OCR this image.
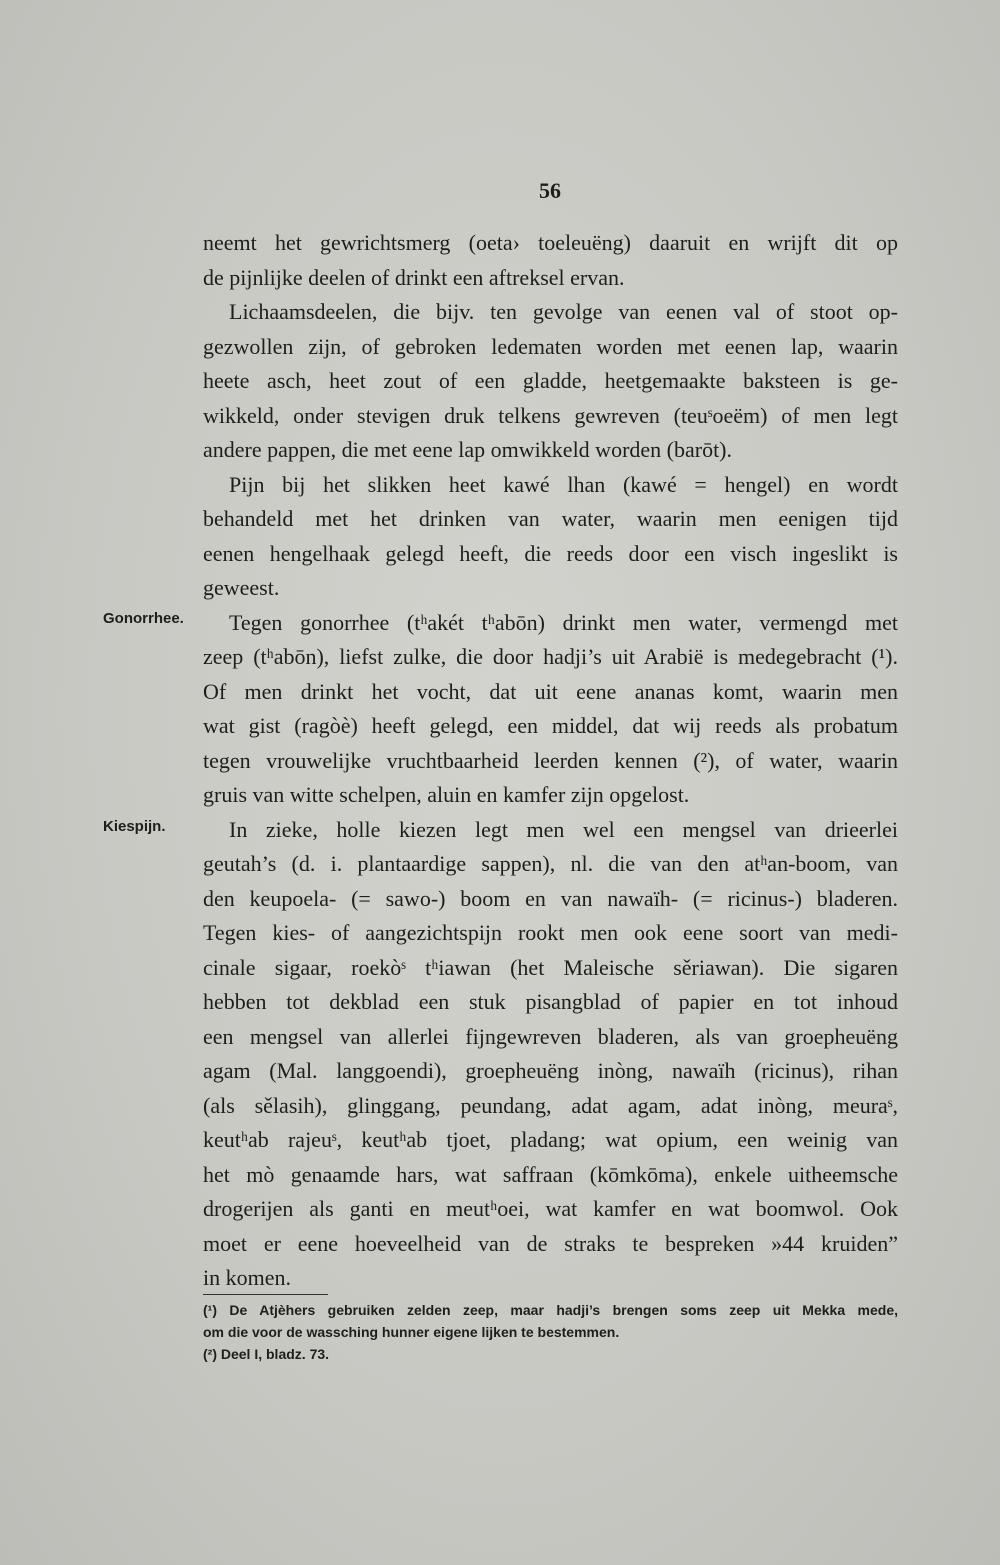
56
Gonorrhee.
Kiespijn.
neemt het gewrichtsmerg (oeta› toeleuëng) daaruit en wrijft dit op
de pijnlijke deelen of drinkt een aftreksel ervan.
Lichaamsdeelen, die bijv. ten gevolge van eenen val of stoot op-
gezwollen zijn, of gebroken ledematen worden met eenen lap, waarin
heete asch, heet zout of een gladde, heetgemaakte baksteen is ge-
wikkeld, onder stevigen druk telkens gewreven (teuˢoeëm) of men legt
andere pappen, die met eene lap omwikkeld worden (barōt).
Pijn bij het slikken heet kawé lhan (kawé = hengel) en wordt
behandeld met het drinken van water, waarin men eenigen tijd
eenen hengelhaak gelegd heeft, die reeds door een visch ingeslikt is
geweest.
Tegen gonorrhee (tʰakét tʰabōn) drinkt men water, vermengd met
zeep (tʰabōn), liefst zulke, die door hadji’s uit Arabië is medegebracht (¹).
Of men drinkt het vocht, dat uit eene ananas komt, waarin men
wat gist (ragòè) heeft gelegd, een middel, dat wij reeds als probatum
tegen vrouwelijke vruchtbaarheid leerden kennen (²), of water, waarin
gruis van witte schelpen, aluin en kamfer zijn opgelost.
In zieke, holle kiezen legt men wel een mengsel van drieerlei
geutah’s (d. i. plantaardige sappen), nl. die van den atʰan-boom, van
den keupoela- (= sawo-) boom en van nawaïh- (= ricinus-) bladeren.
Tegen kies- of aangezichtspijn rookt men ook eene soort van medi-
cinale sigaar, roekòˢ tʰiawan (het Maleische sěriawan). Die sigaren
hebben tot dekblad een stuk pisangblad of papier en tot inhoud
een mengsel van allerlei fijngewreven bladeren, als van groepheuëng
agam (Mal. langgoendi), groepheuëng inòng, nawaïh (ricinus), rihan
(als sělasih), glinggang, peundang, adat agam, adat inòng, meuraˢ,
keutʰab rajeuˢ, keutʰab tjoet, pladang; wat opium, een weinig van
het mò genaamde hars, wat saffraan (kōmkōma), enkele uitheemsche
drogerijen als ganti en meutʰoei, wat kamfer en wat boomwol. Ook
moet er eene hoeveelheid van de straks te bespreken »44 kruiden”
in komen.
(¹) De Atjèhers gebruiken zelden zeep, maar hadji’s brengen soms zeep uit Mekka mede,
om die voor de wassching hunner eigene lijken te bestemmen.
(²) Deel I, bladz. 73.
